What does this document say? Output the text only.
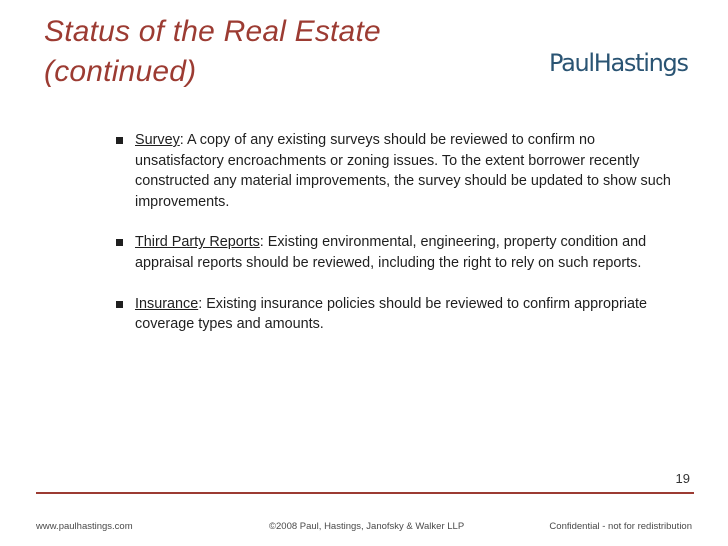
Status of the Real Estate
(continued)	PaulHastings
Survey: A copy of any existing surveys should be reviewed to confirm no unsatisfactory encroachments or zoning issues. To the extent borrower recently constructed any material improvements, the survey should be updated to show such improvements.
Third Party Reports: Existing environmental, engineering, property condition and appraisal reports should be reviewed, including the right to rely on such reports.
Insurance: Existing insurance policies should be reviewed to confirm appropriate coverage types and amounts.
19
www.paulhastings.com	©2008 Paul, Hastings, Janofsky & Walker LLP	Confidential - not for redistribution
